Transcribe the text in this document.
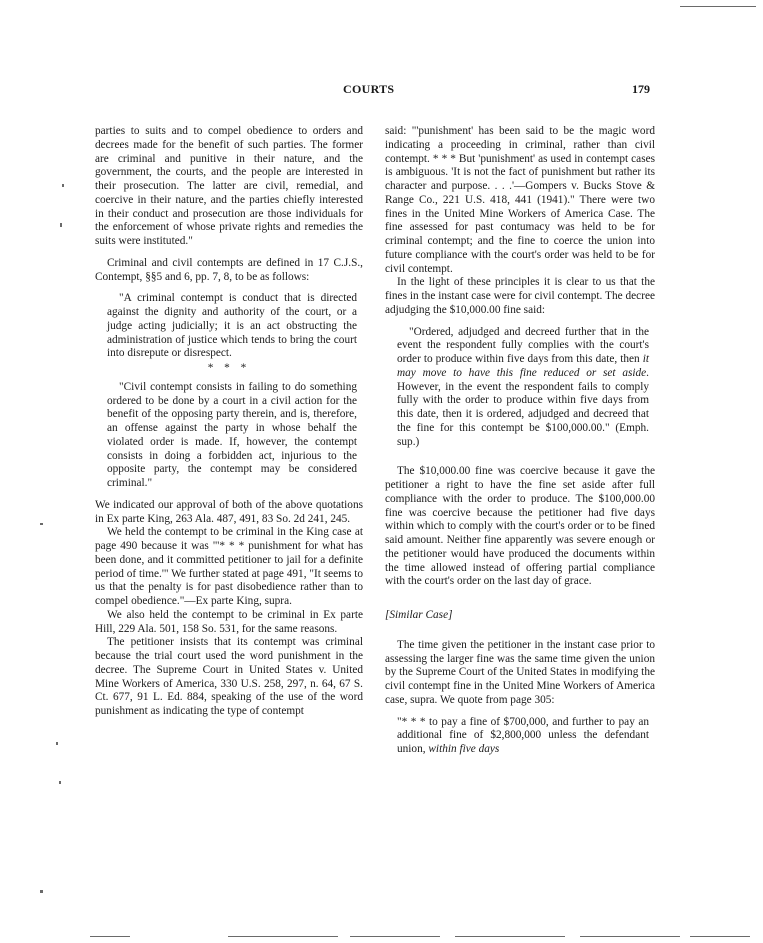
COURTS	179

parties to suits and to compel obedience to orders and decrees made for the benefit of such parties. The former are criminal and punitive in their nature, and the government, the courts, and the people are interested in their prosecution. The latter are civil, remedial, and coercive in their nature, and the parties chiefly interested in their conduct and prosecution are those individuals for the enforcement of whose private rights and remedies the suits were instituted."

Criminal and civil contempts are defined in 17 C.J.S., Contempt, §§5 and 6, pp. 7, 8, to be as follows:

"A criminal contempt is conduct that is directed against the dignity and authority of the court, or a judge acting judicially; it is an act obstructing the administration of justice which tends to bring the court into disrepute or disrespect.

* * *

"Civil contempt consists in failing to do something ordered to be done by a court in a civil action for the benefit of the opposing party therein, and is, therefore, an offense against the party in whose behalf the violated order is made. If, however, the contempt consists in doing a forbidden act, injurious to the opposite party, the contempt may be considered criminal."

We indicated our approval of both of the above quotations in Ex parte King, 263 Ala. 487, 491, 83 So. 2d 241, 245.

We held the contempt to be criminal in the King case at page 490 because it was "'* * * punishment for what has been done, and it committed petitioner to jail for a definite period of time.'" We further stated at page 491, "It seems to us that the penalty is for past disobedience rather than to compel obedience."—Ex parte King, supra.

We also held the contempt to be criminal in Ex parte Hill, 229 Ala. 501, 158 So. 531, for the same reasons.

The petitioner insists that its contempt was criminal because the trial court used the word punishment in the decree. The Supreme Court in United States v. United Mine Workers of America, 330 U.S. 258, 297, n. 64, 67 S. Ct. 677, 91 L. Ed. 884, speaking of the use of the word punishment as indicating the type of contempt

said: "'punishment' has been said to be the magic word indicating a proceeding in criminal, rather than civil contempt. * * * But 'punishment' as used in contempt cases is ambiguous. 'It is not the fact of punishment but rather its character and purpose. . . .'—Gompers v. Bucks Stove & Range Co., 221 U.S. 418, 441 (1941)." There were two fines in the United Mine Workers of America Case. The fine assessed for past contumacy was held to be for criminal contempt; and the fine to coerce the union into future compliance with the court's order was held to be for civil contempt.

In the light of these principles it is clear to us that the fines in the instant case were for civil contempt. The decree adjudging the $10,000.00 fine said:

"Ordered, adjudged and decreed further that in the event the respondent fully complies with the court's order to produce within five days from this date, then it may move to have this fine reduced or set aside. However, in the event the respondent fails to comply fully with the order to produce within five days from this date, then it is ordered, adjudged and decreed that the fine for this contempt be $100,000.00." (Emph. sup.)

The $10,000.00 fine was coercive because it gave the petitioner a right to have the fine set aside after full compliance with the order to produce. The $100,000.00 fine was coercive because the petitioner had five days within which to comply with the court's order or to be fined said amount. Neither fine apparently was severe enough or the petitioner would have produced the documents within the time allowed instead of offering partial compliance with the court's order on the last day of grace.

[Similar Case]

The time given the petitioner in the instant case prior to assessing the larger fine was the same time given the union by the Supreme Court of the United States in modifying the civil contempt fine in the United Mine Workers of America case, supra. We quote from page 305:

"* * * to pay a fine of $700,000, and further to pay an additional fine of $2,800,000 unless the defendant union, within five days
